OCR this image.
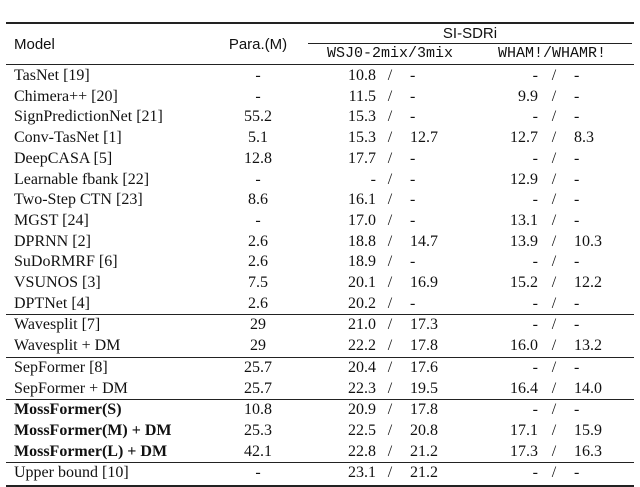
Model	Para.(M)
SI-SDRi
WSJ0-2mix/3mix	WHAM!/WHAMR!
TasNet [19]	-	10.8 / -	- / -
Chimera++ [20]	-	11.5 / -	9.9 / -
SignPredictionNet [21]	55.2	15.3 / -	- / -
Conv-TasNet [1]	5.1	15.3 / 12.7	12.7 / 8.3
DeepCASA [5]	12.8	17.7 / -	- / -
Learnable fbank [22]	-	- / -	12.9 / -
Two-Step CTN [23]	8.6	16.1 / -	- / -
MGST [24]	-	17.0 / -	13.1 / -
DPRNN [2]	2.6	18.8 / 14.7	13.9 / 10.3
SuDoRMRF [6]	2.6	18.9 / -	- / -
VSUNOS [3]	7.5	20.1 / 16.9	15.2 / 12.2
DPTNet [4]	2.6	20.2 / -	- / -
Wavesplit [7]	29	21.0 / 17.3	- / -
Wavesplit + DM	29	22.2 / 17.8	16.0 / 13.2
SepFormer [8]	25.7	20.4 / 17.6	- / -
SepFormer + DM	25.7	22.3 / 19.5	16.4 / 14.0
MossFormer(S)	10.8	20.9 / 17.8	- / -
MossFormer(M) + DM	25.3	22.5 / 20.8	17.1 / 15.9
MossFormer(L) + DM	42.1	22.8 / 21.2	17.3 / 16.3
Upper bound [10]	-	23.1 / 21.2	- / -
